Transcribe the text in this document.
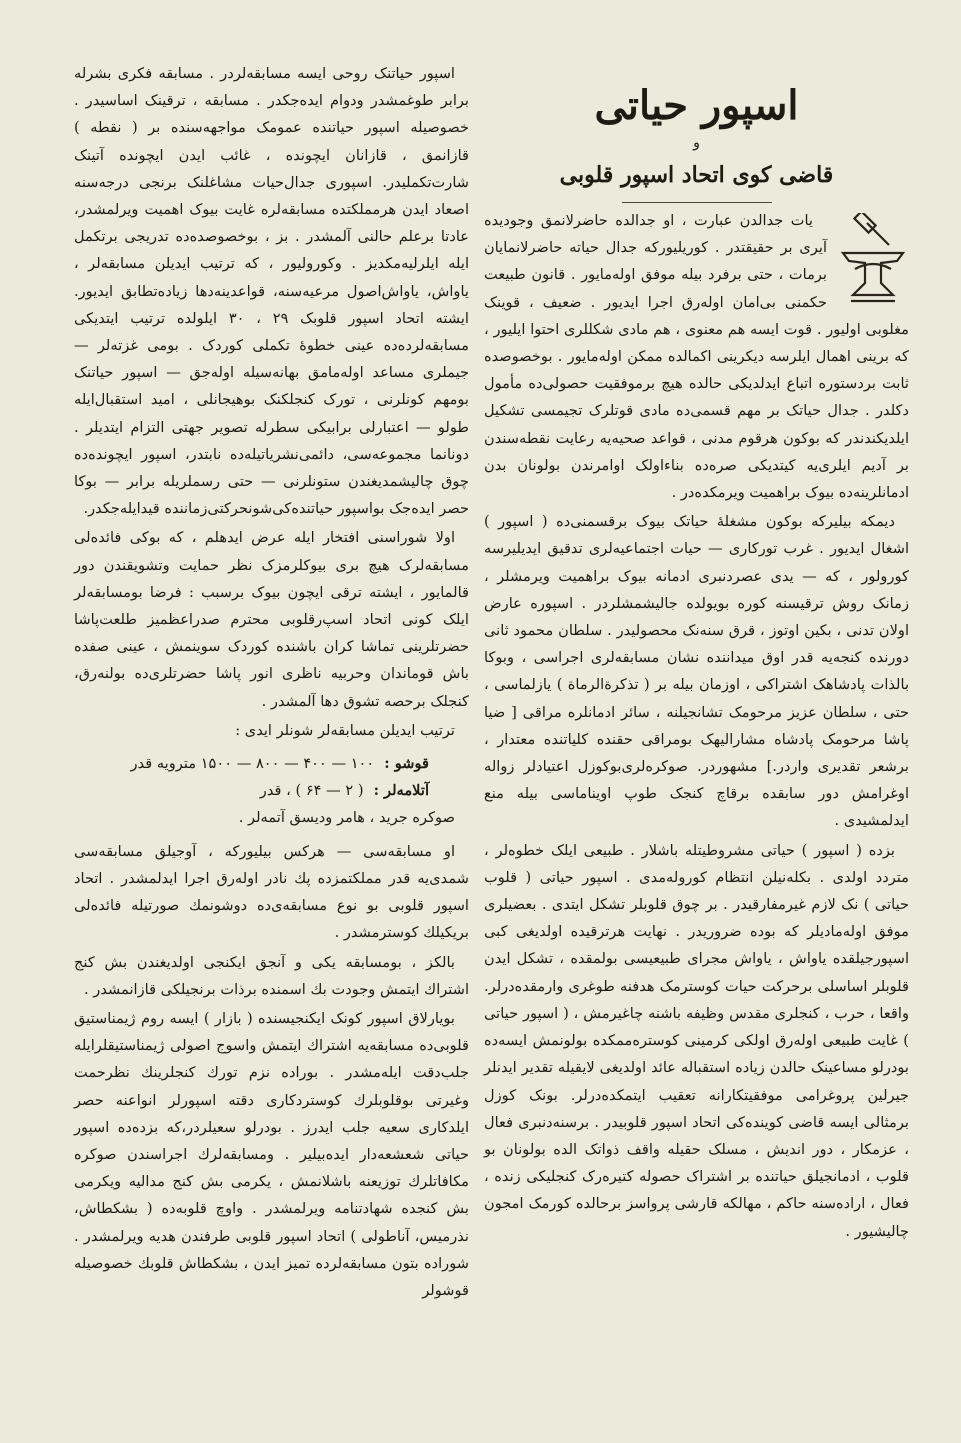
اسپور حیاتی
و
قاضی کوی اتحاد اسپور قلوبی

یات جدالدن عبارت ، او جدالده حاضرلانمق وجودیده آیری بر حقیقتدر . کوریلیورکه جدال حیاته حاضرلانمایان برمات ، حتی برفرد بیله موفق اوله‌مایور . قانون طبیعت حکمنی بی‌امان اوله‌رق اجرا ایدیور . ضعیف ، قوینک مغلوبی اولیور . قوت ایسه هم معنوی ، هم مادی شکللری احتوا ایلیور ، که برینی اهمال ایلرسه دیکرینی اکمالده ممکن اوله‌مایور . بوخصوصده ثابت بردستوره اتباع ایدلدیکی حالده هیچ برموفقیت حصولی‌ده مأمول دکلدر . جدال حیاتک بر مهم قسمی‌ده مادی قوتلرک تجیمسی تشکیل ایلدیکندندر که بوکون هرقوم مدنی ، قواعد صحیه‌یه رعایت نقطه‌سندن بر آدیم ایلری‌یه کیتدیکی صره‌ده بناءاولک اوامرندن بولونان بدن ادمانلرینه‌ده بیوک براهمیت ویرمکده‌در .

دیمکه بیلیرکه بوکون مشغلهٔ حیاتک بیوک برقسمنی‌ده ( اسپور ) اشغال ایدیور . غرب تورکاری — حیات اجتماعیه‌لری تدقیق ایدیلیرسه کورولور ، که — یدی عصردنبری ادمانه بیوک براهمیت ویرمشلر ، زمانک روش ترقیسنه کوره بویولده جالیشمشلردر . اسپوره عارض اولان تدنی ، بکین اوتوز ، قرق سنه‌نک محصولیدر . سلطان محمود ثانی دورنده کنجه‌یه قدر اوق میداننده نشان مسابقه‌لری اجراسی ، وبوکا بالذات پادشاهک اشتراکی ، اوزمان بیله بر ( تذکرةالرماة ) یازلماسی ، حتی ، سلطان عزیز مرحومک تشانجیلنه ، سائر ادمانلره مراقی [ ضیا پاشا مرحومک پادشاه مشارالیهک بومراقی حقنده کلیاتنده معتدار ، برشعر تقدیری واردر.] مشهوردر. صوکره‌لری‌بوکوزل اعتیادلر زواله اوغرامش دور سابقده برقاچ کنجک طوپ اویناماسی بیله منع ایدلمشیدی .

بزده ( اسپور ) حیاتی مشروطیتله باشلار . طبیعی ایلک خطوه‌لر ، متردد اولدی . بکله‌نیلن انتظام کوروله‌مدی . اسپور حیاتی ( قلوب حیاتی ) نک لازم غیرمفارقیدر . بر چوق قلوبلر تشکل ایتدی . بعضیلری موفق اوله‌مادیلر که بوده ضروریدر . نهایت هرترقیده اولدیغی کبی اسپورجیلقده یاواش ، یاواش مجرای طبیعیسی بولمقده ، تشکل ایدن قلوبلر اساسلی برحرکت حیات کوسترمک هدفنه طوغری وارمقده‌درلر. واقعا ، حرب ، کنجلری مقدس وظیفه باشنه چاغیرمش ، ( اسپور حیاتی ) غایت طبیعی اوله‌رق اولکی کرمینی کوستره‌ممکده بولونمش ایسه‌ده بودرلو مساعینک حالدن زیاده استقباله عائد اولدیغی لایقیله تقدیر ایدنلر جیرلین پروغرامی موفقیتکارانه تعقیب ایتمکده‌درلر. بونک کوزل برمثالی ایسه قاضی کوینده‌کی اتحاد اسپور قلوبیدر . برسنه‌دنبری فعال ، عزمکار ، دور اندیش ، مسلک حقیله واقف ذواتک الده بولونان بو قلوب ، ادمانجیلق حیاتنده بر اشتراک حصوله کتیره‌رک کنجلیکی زنده ، فعال ، اراده‌سنه حاکم ، مهالکه قارشی پرواسز برحالده کورمک امجون چالیشیور .

اسپور حیاتنک روحی ایسه مسابقه‌لردر . مسابقه فکری بشرله برابر طوغمشدر ودوام ایده‌جکدر . مسابقه ، ترقینک اساسیدر . خصوصیله اسپور حیاتنده عمومک مواجهه‌سنده بر ( نقطه ) قازانمق ، قازانان ایچونده ، غائب ایدن ایچونده آتینک شارت‌تکملیدر. اسپوری جدال‌حیات مشاغلنک برنجی درجه‌سنه اصعاد ایدن هرمملکتده مسابقه‌لره غایت بیوک اهمیت ویرلمشدر، عادتا برعلم حالنی آلمشدر . بز ، بوخصوصده‌ده تدریجی برتکمل ایله ایلرلیه‌مکدیز . وکورولیور ، که ترتیب ایدیلن مسابقه‌لر ، یاواش، یاواش‌اصول مرعیه‌سنه، قواعدینه‌دها زیاده‌تطابق ایدیور. ایشته اتحاد اسپور قلوبک ۲۹ ، ۳۰ ایلولده ترتیب ایتدیکی مسابقه‌لرده‌ده عینی خطوهٔ تکملی کوردک . بومی غزته‌لر — جیملری مساعد اوله‌مامق بهانه‌سیله اوله‌جق — اسپور حیاتنک بومهم کونلرنی ، تورک کنجلکنک بوهیجانلی ، امید استقبال‌ایله طولو — اعتبارلی برابیکی سطرله تصویر جهتی التزام ایتدیلر . دونانما مجموعه‌سی، دائمی‌نشریاتیله‌ده نابتدر، اسپور ایچونده‌ده چوق چالیشمدیغندن ستونلرنی — حتی رسملریله برابر — بوکا حصر ایده‌جک بواسپور حیاتنده‌کی‌شونحرکتی‌زماننده قیدایله‌جکدر.

اولا شوراسنی افتخار ایله عرض ایدهلم ، که بوکی فائده‌لی مسابقه‌لرک هیچ بری بیوکلرمزک نظر حمایت وتشویقندن دور قالمایور ، ایشته ترقی ایچون بیوک برسبب : فرضا بومسابقه‌لر ایلک کونی اتحاد اسپ‌رقلوبی محترم صدراعظمیز طلعت‌پاشا حضرتلرینی تماشا کران باشنده کوردک سوینمش ، عینی صفده باش قوماندان وحربیه ناظری انور پاشا حضرتلری‌ده بولنه‌رق، کنجلک برحصه تشوق دها آلمشدر .

ترتیب ایدیلن مسابقه‌لر شونلر ایدی :

قوشو :
۱۰۰ — ۴۰۰ — ۸۰۰ — ۱۵۰۰ مترویه قدر
آتلامه‌لر :
( ۲ — ۶۴ ) ، قدر

صوکره جرید ، هامر ودیسق آتمه‌لر .

او مسابقه‌سی — هرکس بیلیورکه ، آوجیلق مسابقه‌سی شمدی‌یه قدر مملکتمزده پك نادر اوله‌رق اجرا ایدلمشدر . اتحاد اسپور قلوبی بو نوع مسابقه‌ی‌ده دوشونمك صورتیله فائده‌لی بریکیلك کوسترمشدر .

بالکز ، بومسابقه یکی و آنجق ایکنجی اولدیغندن بش کنج اشتراك ایتمش وجودت بك اسمنده برذات برنجیلکی قازانمشدر .

بویارلاق اسپور کونک ایکنجیسنده ( بازار ) ایسه روم ژیمناستیق قلوبی‌ده مسابقه‌یه اشتراك ایتمش واسوج اصولی ژیمناستیقلرایله جلب‌دقت ایله‌مشدر . بوراده نزم تورك کنجلرینك نظرحمت وغیرتی بوقلوبلرك کوستردکاری دقته اسپورلر انواعنه حصر ایلدکاری سعیه جلب ایدرز . بودرلو سعیلردر،که بزده‌ده اسپور حیاتی شعشعه‌دار ایده‌بیلیر . ومسابقه‌لرك اجراسندن صوکره مکافاتلرك توزیعنه باشلانمش ، یکرمی بش کنج مدالیه ویکرمی بش کنجده شهادتنامه ویرلمشدر . واوچ قلوبه‌ده ( بشکطاش، نذرمیس، آناطولی ) اتحاد اسپور قلوبی طرفندن هدیه ویرلمشدر . شوراده بتون مسابقه‌لرده تمیز ایدن ، بشکطاش قلوبك خصوصیله قوشولر
